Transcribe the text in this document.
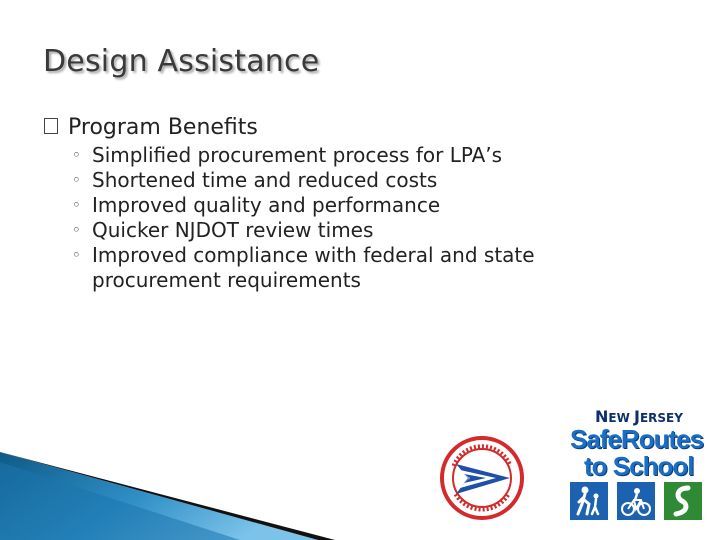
Design Assistance
Program Benefits
◦ Simplified procurement process for LPA’s
◦ Shortened time and reduced costs
◦ Improved quality and performance
◦ Quicker NJDOT review times
◦ Improved compliance with federal and state procurement requirements
NEW JERSEY
SafeRoutes
to School
